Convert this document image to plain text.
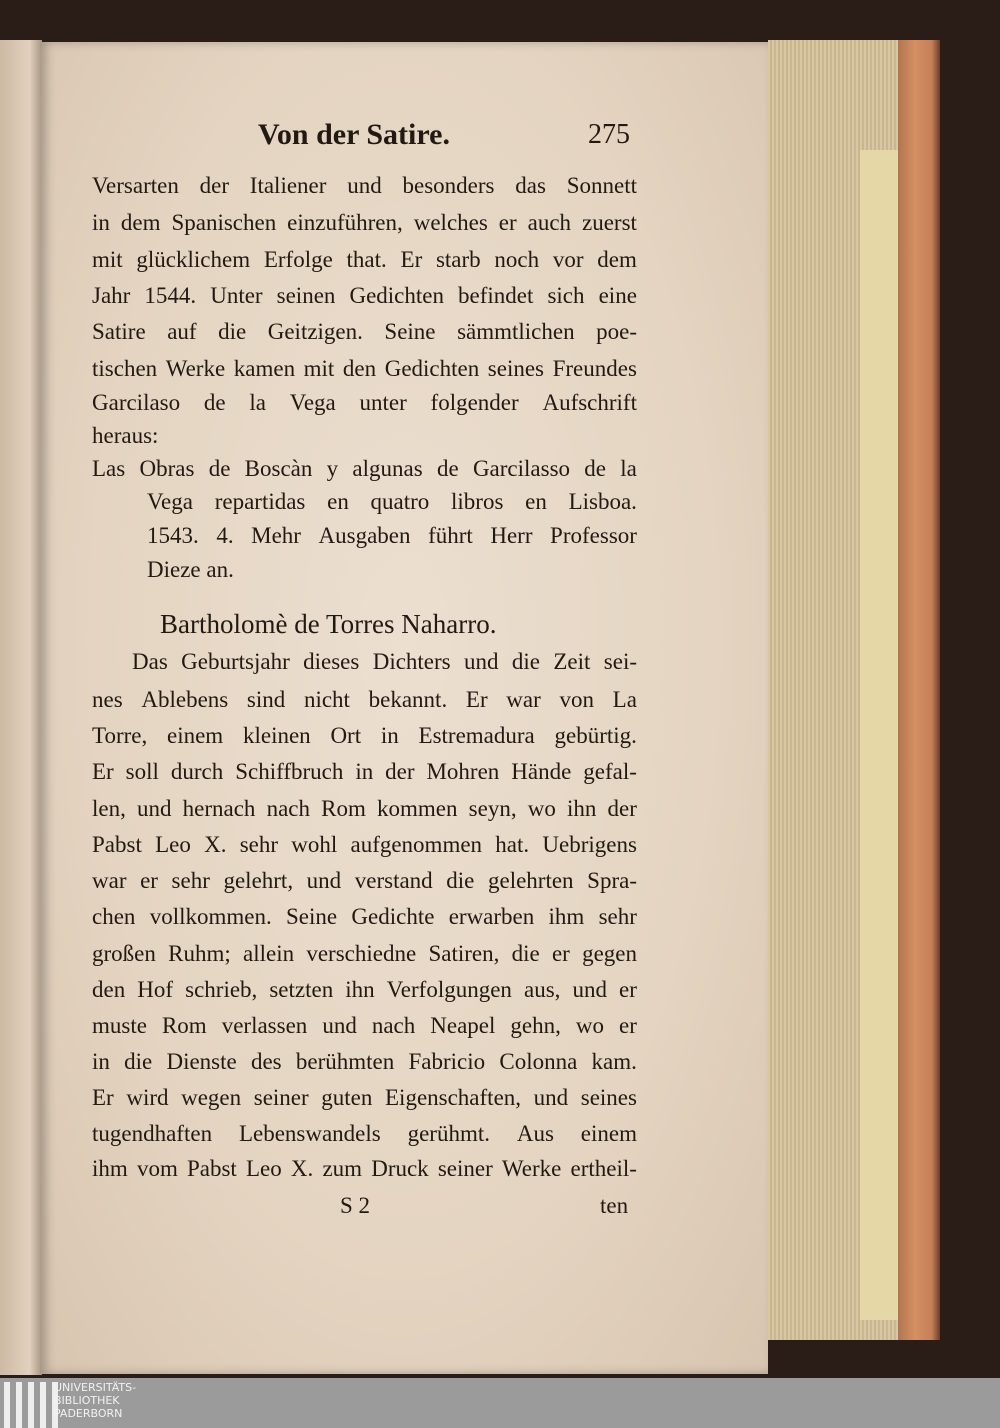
Von der Satire.	275
Versarten der Italiener und besonders das Sonnett
in dem Spanischen einzuführen, welches er auch zuerst
mit glücklichem Erfolge that. Er starb noch vor dem
Jahr 1544. Unter seinen Gedichten befindet sich eine
Satire auf die Geitzigen. Seine sämmtlichen poe-
tischen Werke kamen mit den Gedichten seines Freundes
Garcilaso de la Vega unter folgender Aufschrift
heraus:
Las Obras de Boscàn y algunas de Garcilasso de la
Vega repartidas en quatro libros en Lisboa.
1543. 4. Mehr Ausgaben führt Herr Professor
Dieze an.
Bartholomè de Torres Naharro.
Das Geburtsjahr dieses Dichters und die Zeit sei-
nes Ablebens sind nicht bekannt. Er war von La
Torre, einem kleinen Ort in Estremadura gebürtig.
Er soll durch Schiffbruch in der Mohren Hände gefal-
len, und hernach nach Rom kommen seyn, wo ihn der
Pabst Leo X. sehr wohl aufgenommen hat. Uebrigens
war er sehr gelehrt, und verstand die gelehrten Spra-
chen vollkommen. Seine Gedichte erwarben ihm sehr
großen Ruhm; allein verschiedne Satiren, die er gegen
den Hof schrieb, setzten ihn Verfolgungen aus, und er
muste Rom verlassen und nach Neapel gehn, wo er
in die Dienste des berühmten Fabricio Colonna kam.
Er wird wegen seiner guten Eigenschaften, und seines
tugendhaften Lebenswandels gerühmt. Aus einem
ihm vom Pabst Leo X. zum Druck seiner Werke ertheil-
S 2	ten
UNIVERSITÄTS-
BIBLIOTHEK
PADERBORN
